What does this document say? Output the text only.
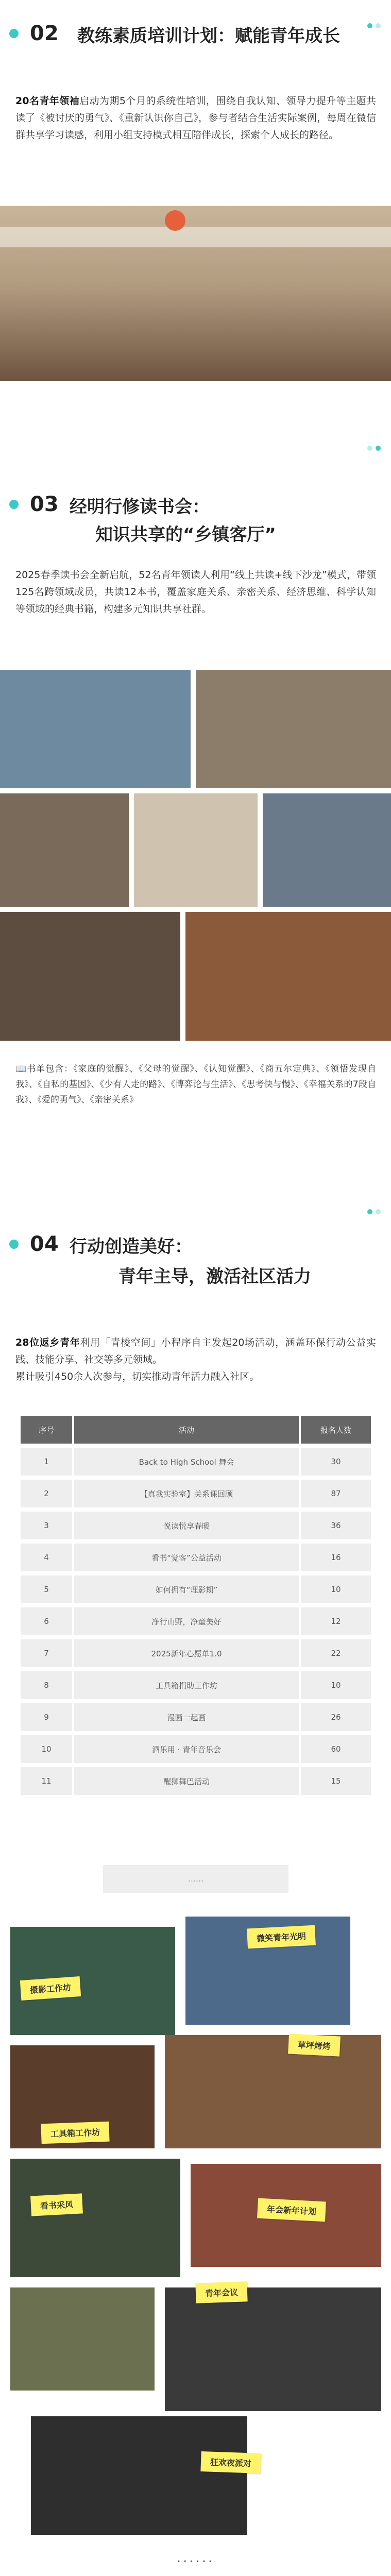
02 教练素质培训计划：赋能青年成长
20名青年领袖启动为期5个月的系统性培训，围绕自我认知、领导力提升等主题共读了《被讨厌的勇气》、《重新认识你自己》，参与者结合生活实际案例，每周在微信群共享学习读感，利用小组支持模式相互陪伴成长，探索个人成长的路径。
03 经明行修读书会：
知识共享的“乡镇客厅”
2025春季读书会全新启航，52名青年领读人利用“线上共读+线下沙龙”模式，带领125名跨领域成员，共读12本书，覆盖家庭关系、亲密关系、经济思维、科学认知等领域的经典书籍，构建多元知识共享社群。
📖书单包含：《家庭的觉醒》、《父母的觉醒》、《认知觉醒》、《商五尔定典》、《领悟发现自我》、《自私的基因》、《少有人走的路》、《博弈论与生活》、《思考快与慢》、《幸福关系的7段自我》、《爱的勇气》、《亲密关系》
04 行动创造美好：
青年主导，激活社区活力
28位返乡青年利用「青棱空间」小程序自主发起20场活动，涵盖环保行动公益实践、技能分享、社交等多元领域。
累计吸引450余人次参与，切实推动青年活力融入社区。
序号	活动	报名人数
1	Back to High School 舞会	30
2	【真我实验室】关系课回顾	87
3	悦读悦享春暖	36
4	看书“觉客”公益活动	16
5	如何拥有“理影期”	10
6	净行山野，净童美好	12
7	2025新年心愿单1.0	22
8	工具箱捐助工作坊	10
9	漫画一起画	26
10	酒乐用 · 青年音乐会	60
11	醒狮舞巴活动	15
......
微笑青年光明
摄影工作坊
草坪烤烤
工具箱工作坊
看书采风	年会新年计划
青年会议
狂欢夜派对
......
